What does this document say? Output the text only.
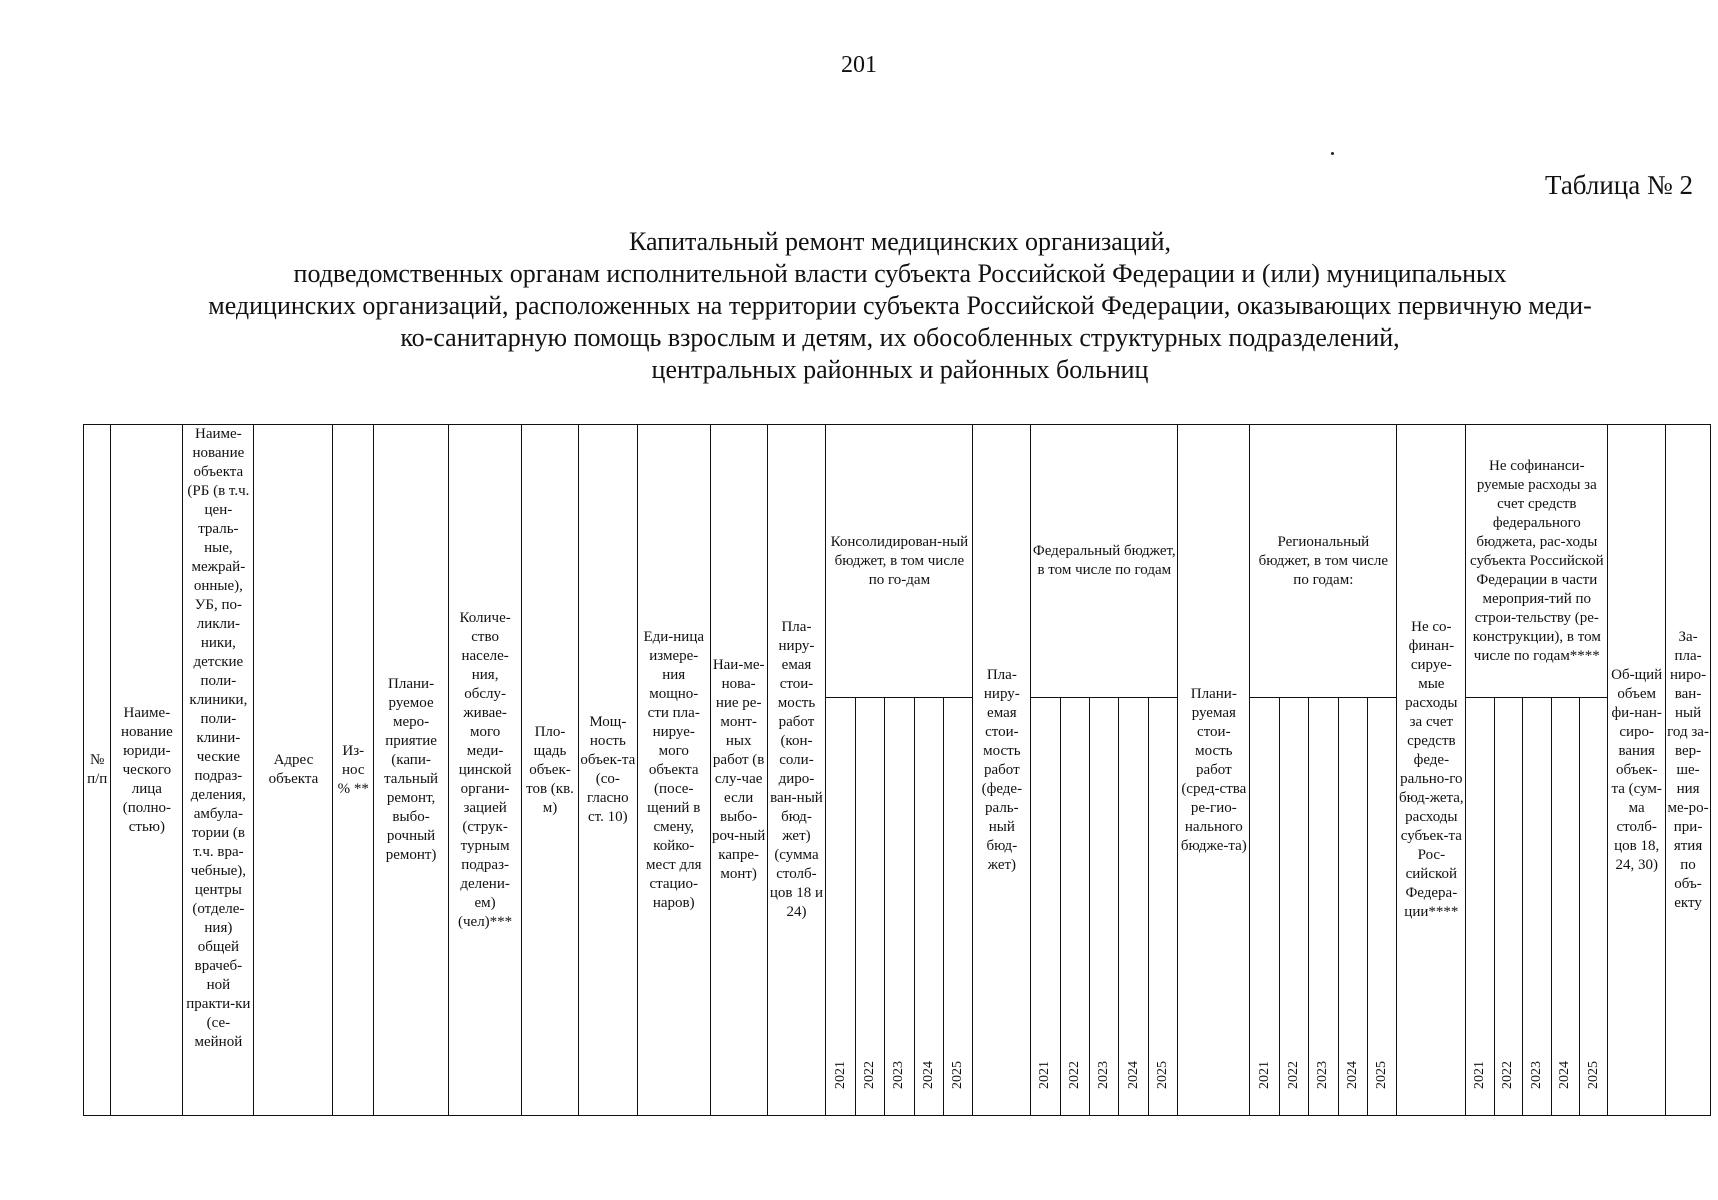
201
Таблица № 2
Капитальный ремонт медицинских организаций,
подведомственных органам исполнительной власти субъекта Российской Федерации и (или) муниципальных
медицинских организаций, расположенных на территории субъекта Российской Федерации, оказывающих первичную меди-
ко-санитарную помощь взрослым и детям, их обособленных структурных подразделений,
центральных районных и районных больниц
№ п/п	Наиме-нование юриди-ческого лица (полно-стью)	Наиме-нование объекта (РБ (в т.ч. цен-траль-ные, межрай-онные), УБ, по-ликли-ники, детские поли-клиники, поли-клини-ческие подраз-деления, амбула-тории (в т.ч. вра-чебные), центры (отделе-ния) общей врачеб-ной практи-ки (се-мейной	Адрес объекта	Из-нос % **	Плани-руемое меро-приятие (капи-тальный ремонт, выбо-рочный ремонт)	Количе-ство населе-ния, обслу-живае-мого меди-цинской органи-зацией (струк-турным подраз-делени-ем) (чел)***	Пло-щадь объек-тов (кв. м)	Мощ-ность объек-та (со-гласно ст. 10)	Еди-ница измере-ния мощно-сти пла-нируе-мого объекта (посе-щений в смену, койко-мест для стацио-наров)	Наи-ме-нова-ние ре-монт-ных работ (в слу-чае если выбо-роч-ный капре-монт)	Пла-ниру-емая стои-мость работ (кон-соли-диро-ван-ный бюд-жет) (сумма столб-цов 18 и 24)	Консолидирован-ный бюджет, в том числе по го-дам					Пла-ниру-емая стои-мость работ (феде-раль-ный бюд-жет)	Федеральный бюджет, в том числе по годам					Плани-руемая стои-мость работ (сред-ства ре-гио-нального бюдже-та)	Региональный бюджет, в том числе по годам:					Не со-финан-сируе-мые расходы за счет средств феде-рально-го бюд-жета, расходы субъек-та Рос-сийской Федера-ции****	Не софинанси-руемые расходы за счет средств федерального бюджета, рас-ходы субъекта Российской Федерации в части мероприя-тий по строи-тельству (ре-конструкции), в том числе по годам****					Об-щий объем фи-нан-сиро-вания объек-та (сум-ма столб-цов 18, 24, 30)	За-пла-ниро-ван-ный год за-вер-ше-ния ме-ро-при-ятия по объ-екту

												2021	2022	2023	2024	2025		2021	2022	2023	2024	2025		2021	2022	2023	2024	2025		2021	2022	2023	2024	2025		
